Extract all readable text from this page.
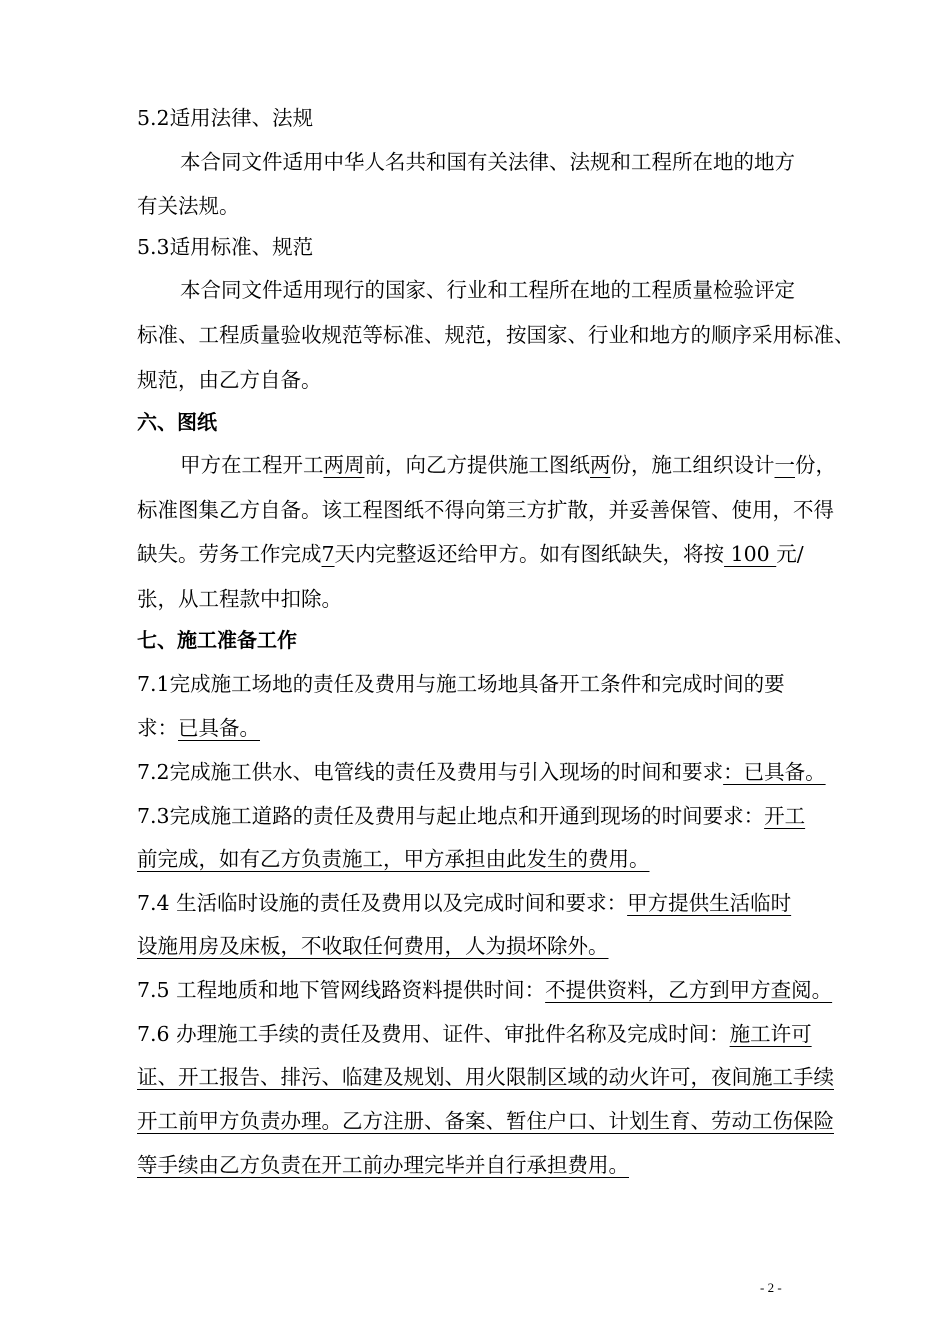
5.2适用法律、法规
本合同文件适用中华人名共和国有关法律、法规和工程所在地的地方
有关法规。
5.3适用标准、规范
本合同文件适用现行的国家、行业和工程所在地的工程质量检验评定
标准、工程质量验收规范等标准、规范，按国家、行业和地方的顺序采用标准、
规范，由乙方自备。
六、图纸
甲方在工程开工两周前，向乙方提供施工图纸两份，施工组织设计一份，
标准图集乙方自备。该工程图纸不得向第三方扩散，并妥善保管、使用，不得
缺失。劳务工作完成7天内完整返还给甲方。如有图纸缺失，将按 100 元/
张，从工程款中扣除。
七、施工准备工作
7.1完成施工场地的责任及费用与施工场地具备开工条件和完成时间的要
求：已具备。
7.2完成施工供水、电管线的责任及费用与引入现场的时间和要求：已具备。
7.3完成施工道路的责任及费用与起止地点和开通到现场的时间要求：开工
前完成，如有乙方负责施工，甲方承担由此发生的费用。
7.4 生活临时设施的责任及费用以及完成时间和要求：甲方提供生活临时
设施用房及床板，不收取任何费用，人为损坏除外。
7.5 工程地质和地下管网线路资料提供时间：不提供资料，乙方到甲方查阅。
7.6 办理施工手续的责任及费用、证件、审批件名称及完成时间：施工许可
证、开工报告、排污、临建及规划、用火限制区域的动火许可，夜间施工手续
开工前甲方负责办理。乙方注册、备案、暂住户口、计划生育、劳动工伤保险
等手续由乙方负责在开工前办理完毕并自行承担费用。
- 2 -
